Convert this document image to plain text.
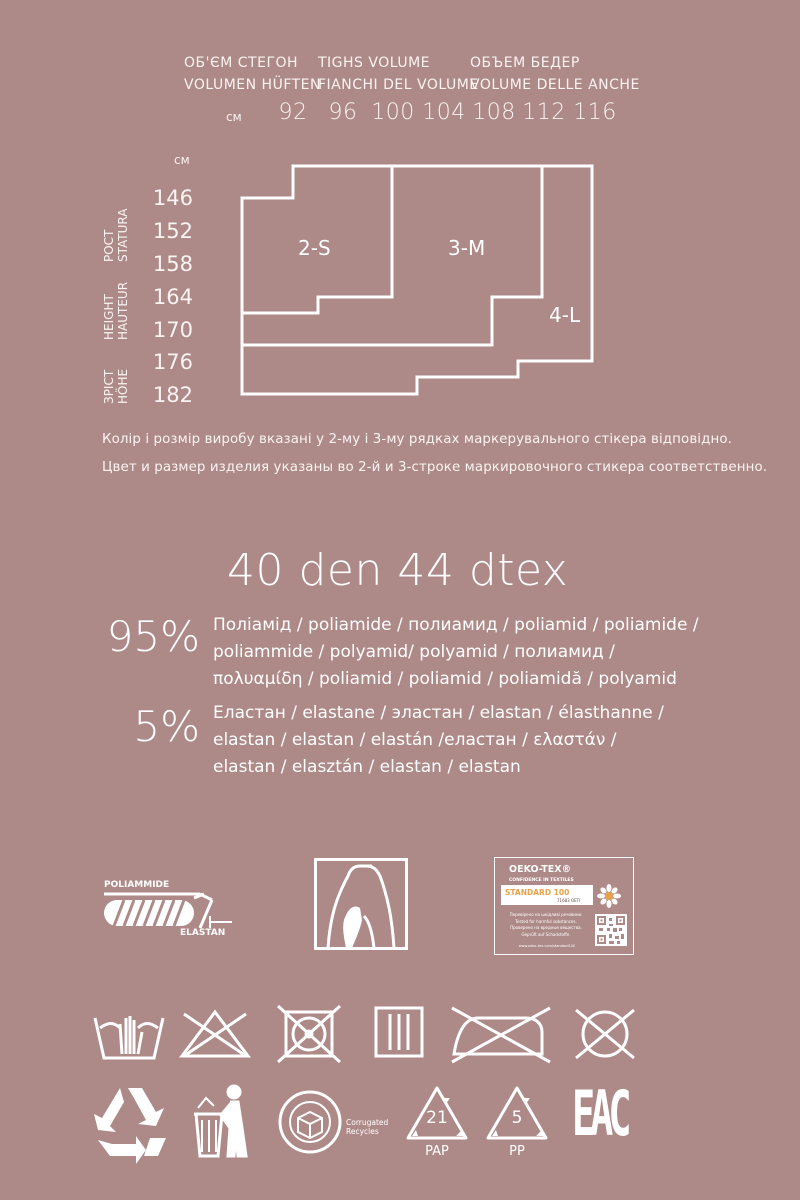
ОБ'ЄМ СТЕГОН
VOLUMEN HÜFTEN
TIGHS VOLUME
FIANCHI DEL VOLUME
ОБЪЕМ БЕДЕР
VOLUME DELLE ANCHE
см	92 96 100 104 108 112 116
см
146
152
158
164
170
176
182
РОСТ STATURA
HEIGHT HAUTEUR
ЗРІСТ HÖHE
2-S	3-M
4-L
Колір і розмір виробу вказані у 2-му і 3-му рядках маркерувального стікера відповідно.
Цвет и размер изделия указаны во 2-й и 3-строке маркировочного стикера соответственно.
40 den 44 dtex
95% Поліамід / poliamide / полиамид / poliamid / poliamide /
poliammide / polyamid/ polyamid / полиамид /
πολυαμίδη / poliamid / poliamid / poliamidă / polyamid
5% Еластан / elastane / эластан / elastan / élasthanne /
elastan / elastan / elastán /еластан / ελαστάν /
elastan / elasztán / elastan / elastan
POLIAMMIDE
ELASTAN
OEKO-TEX®
CONFIDENCE IN TEXTILES
STANDARD 100
71683 OETI
Перевірено на шкідливі речовини.
Tested for harmful substances.
Проверено на вредные вещества.
Geprüft auf Schadstoffe.
www.oeko-tex.com/standard100
Corrugated
Recycles
21
PAP
5
PP
EAC
